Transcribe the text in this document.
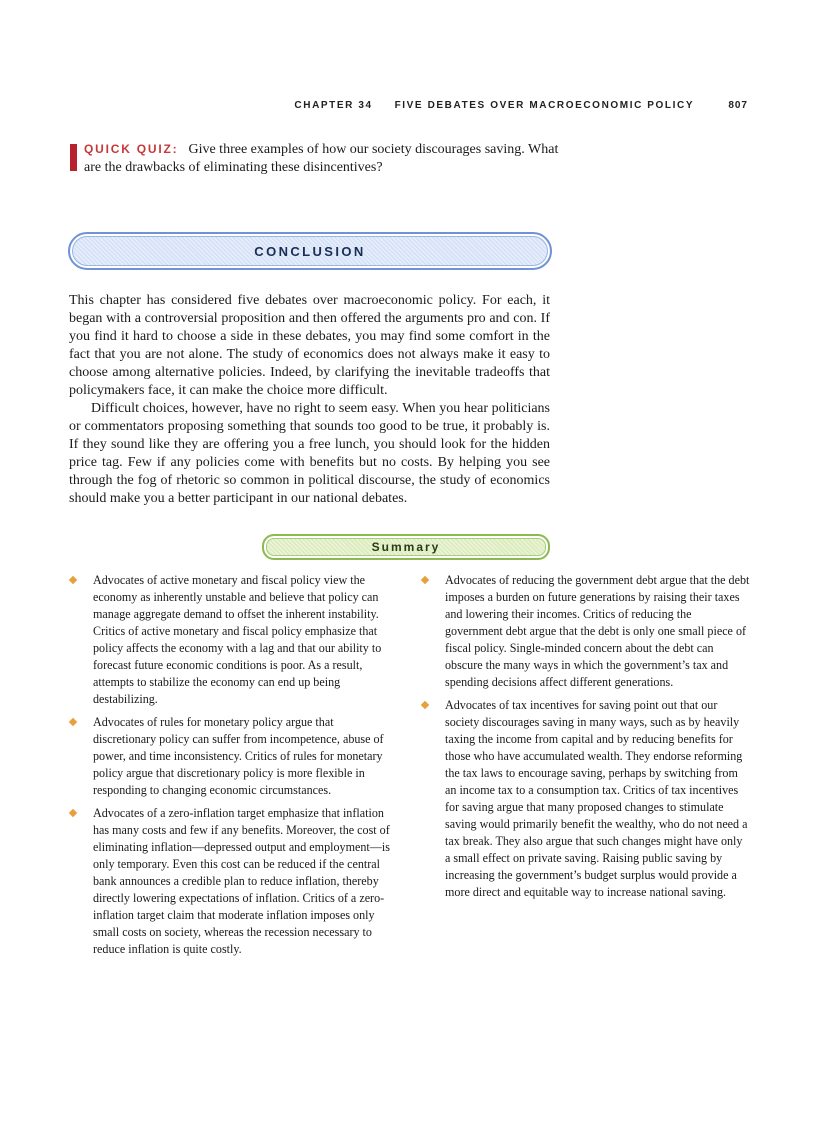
CHAPTER 34 FIVE DEBATES OVER MACROECONOMIC POLICY	807
QUICK QUIZ: Give three examples of how our society discourages saving. What are the drawbacks of eliminating these disincentives?
CONCLUSION

This chapter has considered five debates over macroeconomic policy. For each, it began with a controversial proposition and then offered the arguments pro and con. If you find it hard to choose a side in these debates, you may find some comfort in the fact that you are not alone. The study of economics does not always make it easy to choose among alternative policies. Indeed, by clarifying the inevitable tradeoffs that policymakers face, it can make the choice more difficult.

Difficult choices, however, have no right to seem easy. When you hear politicians or commentators proposing something that sounds too good to be true, it probably is. If they sound like they are offering you a free lunch, you should look for the hidden price tag. Few if any policies come with benefits but no costs. By helping you see through the fog of rhetoric so common in political discourse, the study of economics should make you a better participant in our national debates.

Summary
Advocates of active monetary and fiscal policy view the economy as inherently unstable and believe that policy can manage aggregate demand to offset the inherent instability. Critics of active monetary and fiscal policy emphasize that policy affects the economy with a lag and that our ability to forecast future economic conditions is poor. As a result, attempts to stabilize the economy can end up being destabilizing.
Advocates of rules for monetary policy argue that discretionary policy can suffer from incompetence, abuse of power, and time inconsistency. Critics of rules for monetary policy argue that discretionary policy is more flexible in responding to changing economic circumstances.
Advocates of a zero-inflation target emphasize that inflation has many costs and few if any benefits. Moreover, the cost of eliminating inflation—depressed output and employment—is only temporary. Even this cost can be reduced if the central bank announces a credible plan to reduce inflation, thereby directly lowering expectations of inflation. Critics of a zero-inflation target claim that moderate inflation imposes only small costs on society, whereas the recession necessary to reduce inflation is quite costly.
Advocates of reducing the government debt argue that the debt imposes a burden on future generations by raising their taxes and lowering their incomes. Critics of reducing the government debt argue that the debt is only one small piece of fiscal policy. Single-minded concern about the debt can obscure the many ways in which the government’s tax and spending decisions affect different generations.
Advocates of tax incentives for saving point out that our society discourages saving in many ways, such as by heavily taxing the income from capital and by reducing benefits for those who have accumulated wealth. They endorse reforming the tax laws to encourage saving, perhaps by switching from an income tax to a consumption tax. Critics of tax incentives for saving argue that many proposed changes to stimulate saving would primarily benefit the wealthy, who do not need a tax break. They also argue that such changes might have only a small effect on private saving. Raising public saving by increasing the government’s budget surplus would provide a more direct and equitable way to increase national saving.
